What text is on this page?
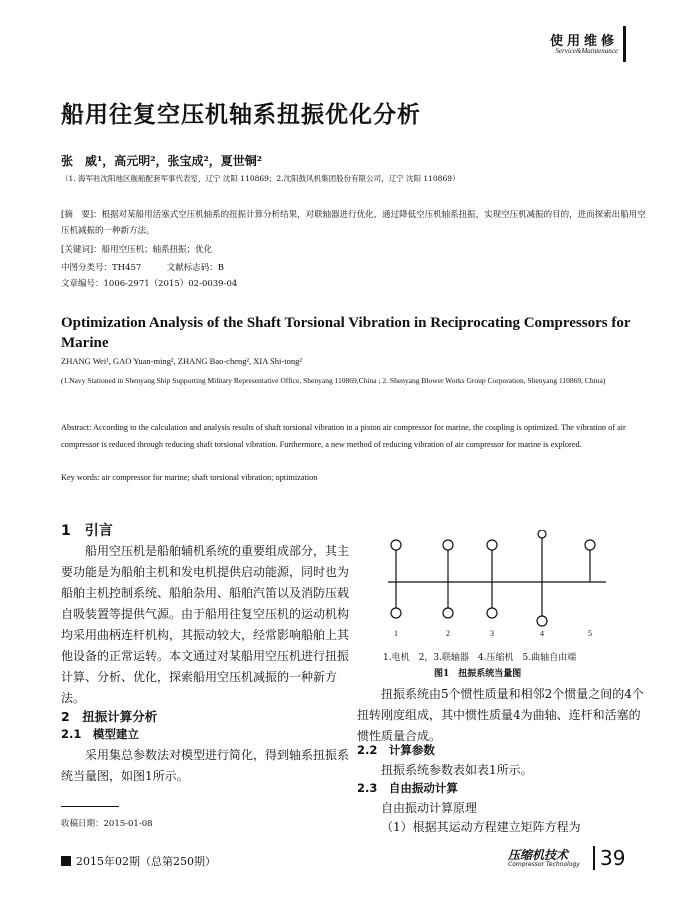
使用维修
Service&Maintenance
船用往复空压机轴系扭振优化分析
张　威¹，高元明²，张宝成²，夏世铜²
（1. 海军驻沈阳地区舰船配套军事代表室，辽宁 沈阳 110869；2.沈阳鼓风机集团股份有限公司，辽宁 沈阳 110869）
[摘　要]：根据对某船用活塞式空压机轴系的扭振计算分析结果，对联轴器进行优化，通过降低空压机轴系扭振，实现空压机减振的目的，进而探索出船用空压机减振的一种新方法。
[关键词]：船用空压机；轴系扭振；优化
中图分类号：TH457　　　文献标志码：B
文章编号：1006-2971（2015）02-0039-04
Optimization Analysis of the Shaft Torsional Vibration in Reciprocating Compressors for Marine
ZHANG Wei¹, GAO Yuan-ming², ZHANG Bao-cheng², XIA Shi-tong²
(1.Navy Stationed in Shenyang Ship Supporting Military Representative Office, Shenyang 110869,China ; 2. Shenyang Blower Works Group Corporation, Shenyang 110869, China)
Abstract: According to the calculation and analysis results of shaft torsional vibration in a piston air compressor for marine, the coupling is optimized. The vibration of air compressor is reduced through reducing shaft torsional vibration. Furthermore, a new method of reducing vibration of air compressor for marine is explored.
Key words: air compressor for marine; shaft torsional vibration; optimization
1　引言
船用空压机是船舶辅机系统的重要组成部分，其主要功能是为船舶主机和发电机提供启动能源，同时也为船舶主机控制系统、船舶杂用、船舶汽笛以及消防压载自吸装置等提供气源。由于船用往复空压机的运动机构均采用曲柄连杆机构，其振动较大，经常影响船舶上其他设备的正常运转。本文通过对某船用空压机进行扭振计算、分析、优化，探索船用空压机减振的一种新方法。
2　扭振计算分析
2.1　模型建立
采用集总参数法对模型进行简化，得到轴系扭振系统当量图，如图1所示。
收稿日期：2015-01-08
1	2	3	4	5
1.电机　2，3.联轴器　4.压缩机　5.曲轴自由端
图1　扭振系统当量图
扭振系统由5个惯性质量和相邻2个惯量之间的4个扭转刚度组成，其中惯性质量4为曲轴、连杆和活塞的惯性质量合成。
2.2　计算参数
扭振系统参数表如表1所示。
2.3　自由振动计算
自由振动计算原理
（1）根据其运动方程建立矩阵方程为
2015年02期（总第250期）	压缩机技术
Compressor Technology 39
